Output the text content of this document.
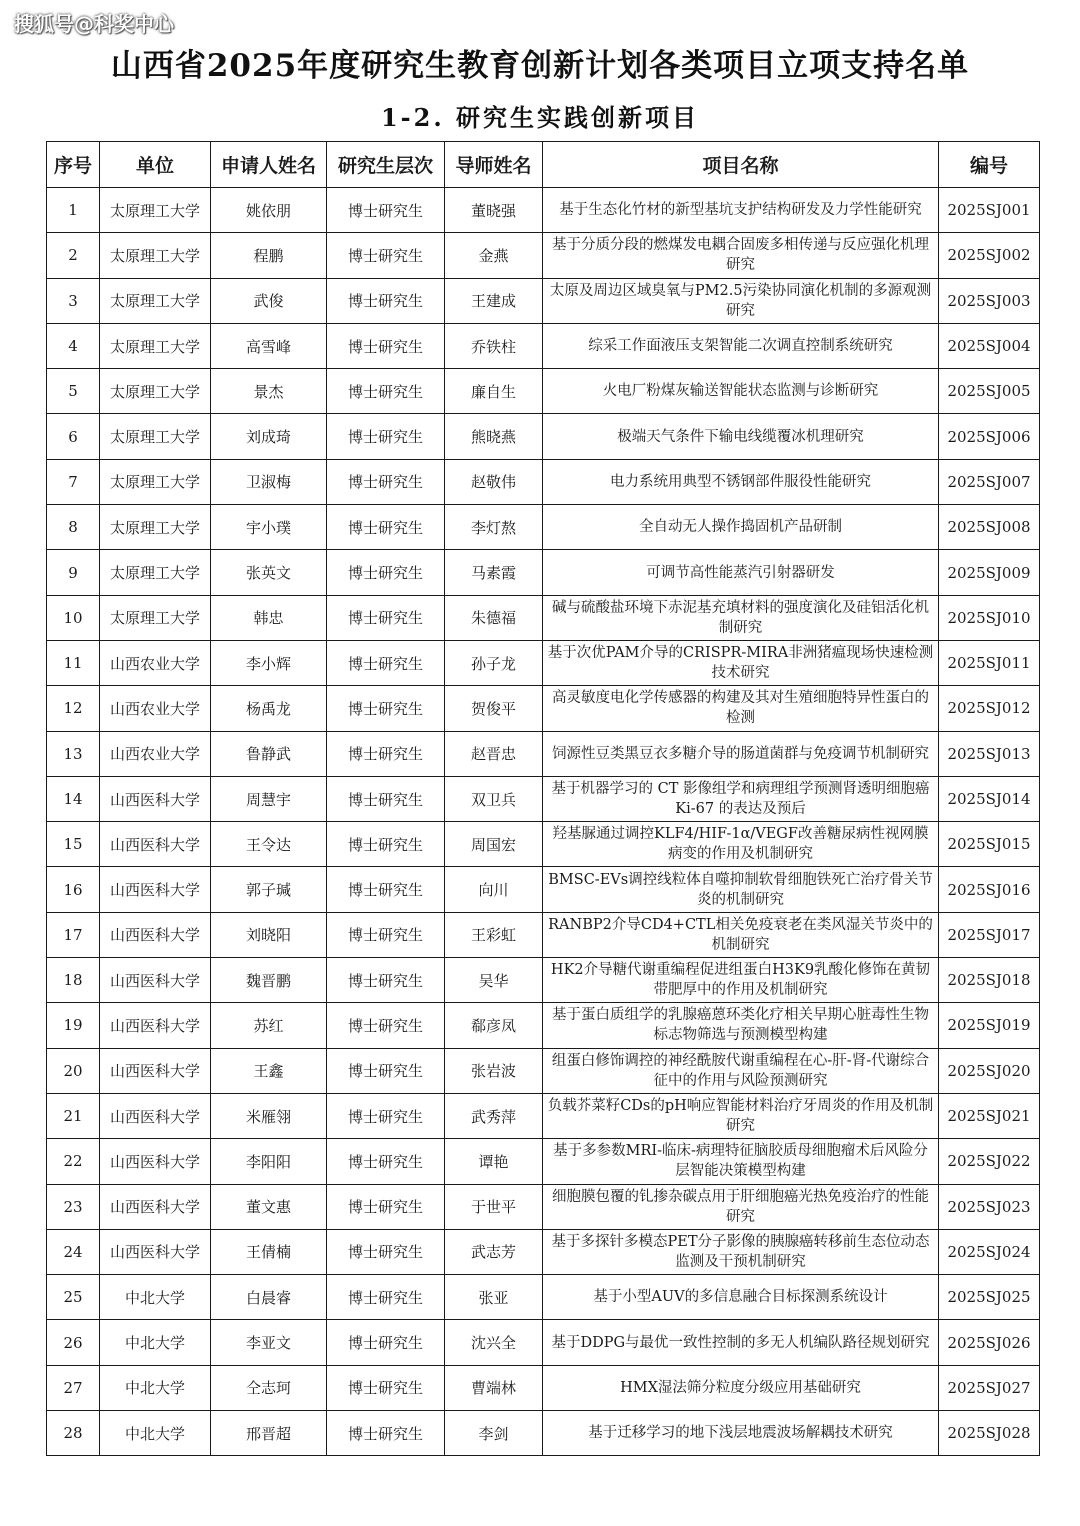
搜狐号@科奖中心
山西省2025年度研究生教育创新计划各类项目立项支持名单
1-2. 研究生实践创新项目
序号	单位	申请人姓名	研究生层次	导师姓名	项目名称	编号
1	太原理工大学	姚依朋	博士研究生	董晓强	基于生态化竹材的新型基坑支护结构研发及力学性能研究	2025SJ001
2	太原理工大学	程鹏	博士研究生	金燕	基于分质分段的燃煤发电耦合固废多相传递与反应强化机理研究	2025SJ002
3	太原理工大学	武俊	博士研究生	王建成	太原及周边区域臭氧与PM2.5污染协同演化机制的多源观测研究	2025SJ003
4	太原理工大学	高雪峰	博士研究生	乔铁柱	综采工作面液压支架智能二次调直控制系统研究	2025SJ004
5	太原理工大学	景杰	博士研究生	廉自生	火电厂粉煤灰输送智能状态监测与诊断研究	2025SJ005
6	太原理工大学	刘成琦	博士研究生	熊晓燕	极端天气条件下输电线缆覆冰机理研究	2025SJ006
7	太原理工大学	卫淑梅	博士研究生	赵敬伟	电力系统用典型不锈钢部件服役性能研究	2025SJ007
8	太原理工大学	宇小璞	博士研究生	李灯熬	全自动无人操作捣固机产品研制	2025SJ008
9	太原理工大学	张英文	博士研究生	马素霞	可调节高性能蒸汽引射器研发	2025SJ009
10	太原理工大学	韩忠	博士研究生	朱德福	碱与硫酸盐环境下赤泥基充填材料的强度演化及硅铝活化机制研究	2025SJ010
11	山西农业大学	李小辉	博士研究生	孙子龙	基于次优PAM介导的CRISPR-MIRA非洲猪瘟现场快速检测技术研究	2025SJ011
12	山西农业大学	杨禹龙	博士研究生	贺俊平	高灵敏度电化学传感器的构建及其对生殖细胞特异性蛋白的检测	2025SJ012
13	山西农业大学	鲁静武	博士研究生	赵晋忠	饲源性豆类黑豆衣多糖介导的肠道菌群与免疫调节机制研究	2025SJ013
14	山西医科大学	周慧宇	博士研究生	双卫兵	基于机器学习的 CT 影像组学和病理组学预测肾透明细胞癌 Ki-67 的表达及预后	2025SJ014
15	山西医科大学	王令达	博士研究生	周国宏	羟基脲通过调控KLF4/HIF-1α/VEGF改善糖尿病性视网膜病变的作用及机制研究	2025SJ015
16	山西医科大学	郭子瑊	博士研究生	向川	BMSC-EVs调控线粒体自噬抑制软骨细胞铁死亡治疗骨关节炎的机制研究	2025SJ016
17	山西医科大学	刘晓阳	博士研究生	王彩虹	RANBP2介导CD4+CTL相关免疫衰老在类风湿关节炎中的机制研究	2025SJ017
18	山西医科大学	魏晋鹏	博士研究生	吴华	HK2介导糖代谢重编程促进组蛋白H3K9乳酸化修饰在黄韧带肥厚中的作用及机制研究	2025SJ018
19	山西医科大学	苏红	博士研究生	郗彦凤	基于蛋白质组学的乳腺癌蒽环类化疗相关早期心脏毒性生物标志物筛选与预测模型构建	2025SJ019
20	山西医科大学	王鑫	博士研究生	张岩波	组蛋白修饰调控的神经酰胺代谢重编程在心-肝-肾-代谢综合征中的作用与风险预测研究	2025SJ020
21	山西医科大学	米雁翎	博士研究生	武秀萍	负载芥菜籽CDs的pH响应智能材料治疗牙周炎的作用及机制研究	2025SJ021
22	山西医科大学	李阳阳	博士研究生	谭艳	基于多参数MRI-临床-病理特征脑胶质母细胞瘤术后风险分层智能决策模型构建	2025SJ022
23	山西医科大学	董文惠	博士研究生	于世平	细胞膜包覆的钆掺杂碳点用于肝细胞癌光热免疫治疗的性能研究	2025SJ023
24	山西医科大学	王倩楠	博士研究生	武志芳	基于多探针多模态PET分子影像的胰腺癌转移前生态位动态监测及干预机制研究	2025SJ024
25	中北大学	白晨睿	博士研究生	张亚	基于小型AUV的多信息融合目标探测系统设计	2025SJ025
26	中北大学	李亚文	博士研究生	沈兴全	基于DDPG与最优一致性控制的多无人机编队路径规划研究	2025SJ026
27	中北大学	仝志珂	博士研究生	曹端林	HMX湿法筛分粒度分级应用基础研究	2025SJ027
28	中北大学	邢晋超	博士研究生	李剑	基于迁移学习的地下浅层地震波场解耦技术研究	2025SJ028
